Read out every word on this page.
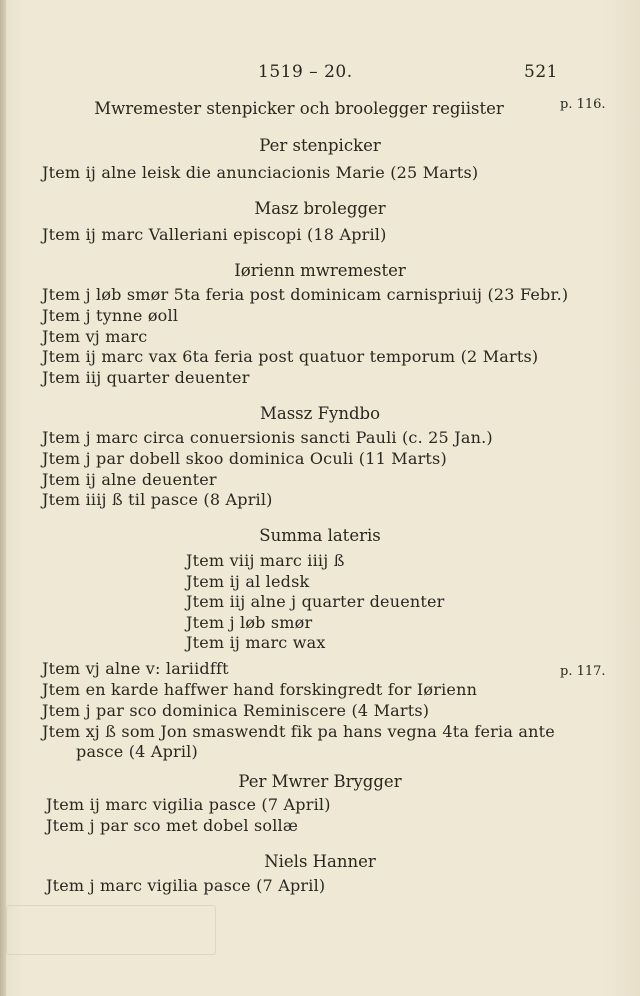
1519 – 20.	521
Mwremester stenpicker och broolegger regiister	p. 116.
Per stenpicker
Jtem ij alne leisk die anunciacionis Marie (25 Marts)
Masz brolegger
Jtem ij marc Valleriani episcopi (18 April)
Iørienn mwremester
Jtem j løb smør 5ta feria post dominicam carnispriuij (23 Febr.)
Jtem j tynne øoll
Jtem vj marc
Jtem ij marc vax 6ta feria post quatuor temporum (2 Marts)
Jtem iij quarter deuenter
Massz Fyndbo
Jtem j marc circa conuersionis sancti Pauli (c. 25 Jan.)
Jtem j par dobell skoo dominica Oculi (11 Marts)
Jtem ij alne deuenter
Jtem iiij ß til pasce (8 April)
Summa lateris
Jtem viij marc iiij ß
Jtem ij al ledsk
Jtem iij alne j quarter deuenter
Jtem j løb smør
Jtem ij marc wax
p. 117.
Jtem vj alne v: lariidfft
Jtem en karde haffwer hand forskingredt for Iørienn
Jtem j par sco dominica Reminiscere (4 Marts)
Jtem xj ß som Jon smaswendt fik pa hans vegna 4ta feria ante
pasce (4 April)
Per Mwrer Brygger
Jtem ij marc vigilia pasce (7 April)
Jtem j par sco met dobel sollæ
Niels Hanner
Jtem j marc vigilia pasce (7 April)
